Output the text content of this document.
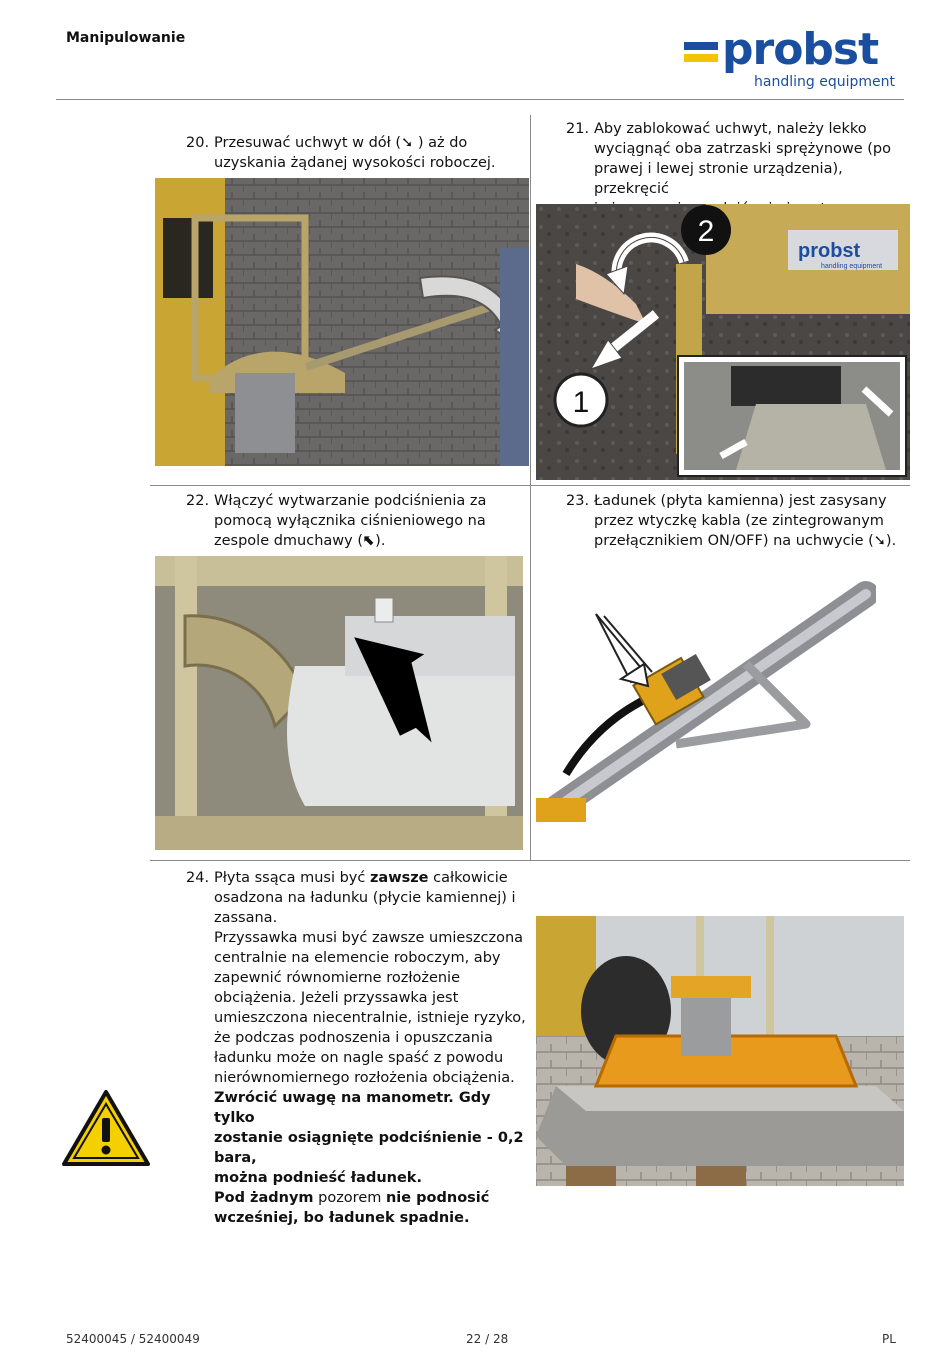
Manipulowanie	probst
handling equipment
20. Przesuwać uchwyt w dół (➘ ) aż do
uzyskania żądanej wysokości roboczej.
21. Aby zablokować uchwyt, należy lekko
wyciągnąć oba zatrzaski sprężynowe (po
prawej i lewej stronie urządzenia), przekręcić
probst
handling equipment
2
1
22. Włączyć wytwarzanie podciśnienia za
pomocą wyłącznika ciśnieniowego na
zespole dmuchawy (⬉).
23. Ładunek (płyta kamienna) jest zasysany
przez wtyczkę kabla (ze zintegrowanym
przełącznikiem ON/OFF) na uchwycie (➘).
24. Płyta ssąca musi być zawsze całkowicie
osadzona na ładunku (płycie kamiennej) i
zassana.
Przyssawka musi być zawsze umieszczona
centralnie na elemencie roboczym, aby
zapewnić równomierne rozłożenie
obciążenia. Jeżeli przyssawka jest
umieszczona niecentralnie, istnieje ryzyko,
że podczas podnoszenia i opuszczania
ładunku może on nagle spaść z powodu
nierównomiernego rozłożenia obciążenia.
Zwrócić uwagę na manometr. Gdy tylko
zostanie osiągnięte podciśnienie - 0,2 bara,
można podnieść ładunek.
Pod żadnym pozorem nie podnosić
wcześniej, bo ładunek spadnie.
52400045 / 52400049	22 / 28	PL
